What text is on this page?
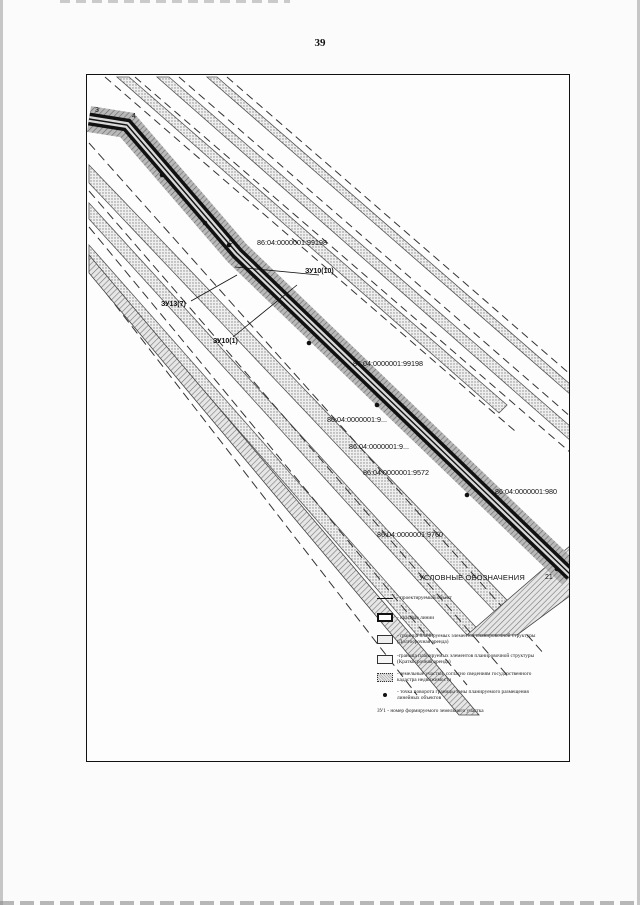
39
3
4
5
21
86:04:0000001:99198
86:04:0000001:99198
86:04:0000001:9...
86:04:0000001:9...
86:04:0000001:9572
86:04:0000001:980
86:04:0000001:9760
ЗУ10(10)
ЗУ13(7)
ЗУ10(1)
УСЛОВНЫЕ ОБОЗНАЧЕНИЯ
- проектируемый объект
- красные линии
- граница планируемых элементов планировочной структуры (Долгосрочная аренда)
-граница планируемых элементов планировочной структуры (Краткосрочная аренда)
- земельные участки, согласно сведениям государственного кадастра недвижимости
- точка поворота границы зоны планируемого размещения линейных объектов
ЗУ1 - номер формируемого земельного участка
